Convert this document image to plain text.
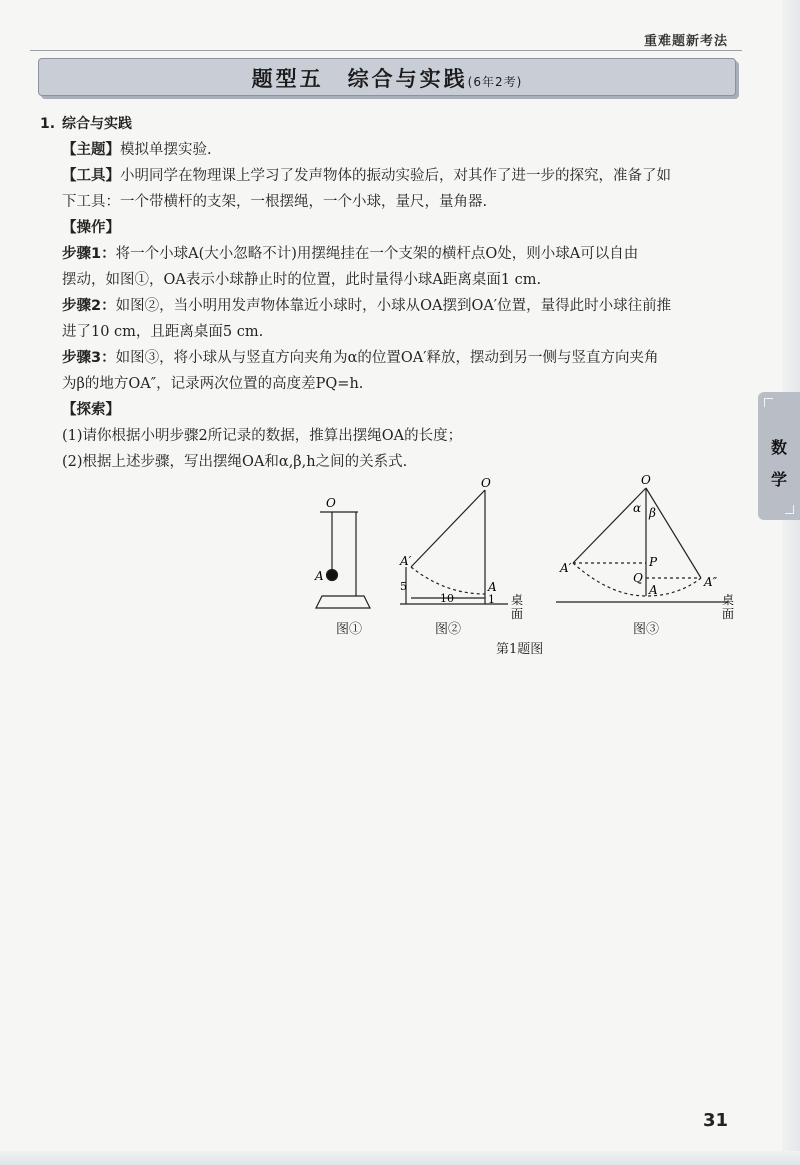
重难题新考法
题型五　综合与实践(6年2考)
数学
1. 综合与实践
【主题】模拟单摆实验.
【工具】小明同学在物理课上学习了发声物体的振动实验后，对其作了进一步的探究，准备了如
下工具：一个带横杆的支架，一根摆绳，一个小球，量尺，量角器.
【操作】
步骤1：将一个小球A(大小忽略不计)用摆绳挂在一个支架的横杆点O处，则小球A可以自由
摆动，如图①，OA表示小球静止时的位置，此时量得小球A距离桌面1 cm.
步骤2：如图②，当小明用发声物体靠近小球时，小球从OA摆到OA′位置，量得此时小球往前推
进了10 cm，且距离桌面5 cm.
步骤3：如图③，将小球从与竖直方向夹角为α的位置OA′释放，摆动到另一侧与竖直方向夹角
为β的地方OA″，记录两次位置的高度差PQ=h.
【探索】
(1)请你根据小明步骤2所记录的数据，推算出摆绳OA的长度；
(2)根据上述步骤，写出摆绳OA和α,β,h之间的关系式.
O
A
图①
O
A′
A
5
10	1 桌面
图②
O
α β
A′	P
Q
A
A″
桌面
图③
第1题图
31
